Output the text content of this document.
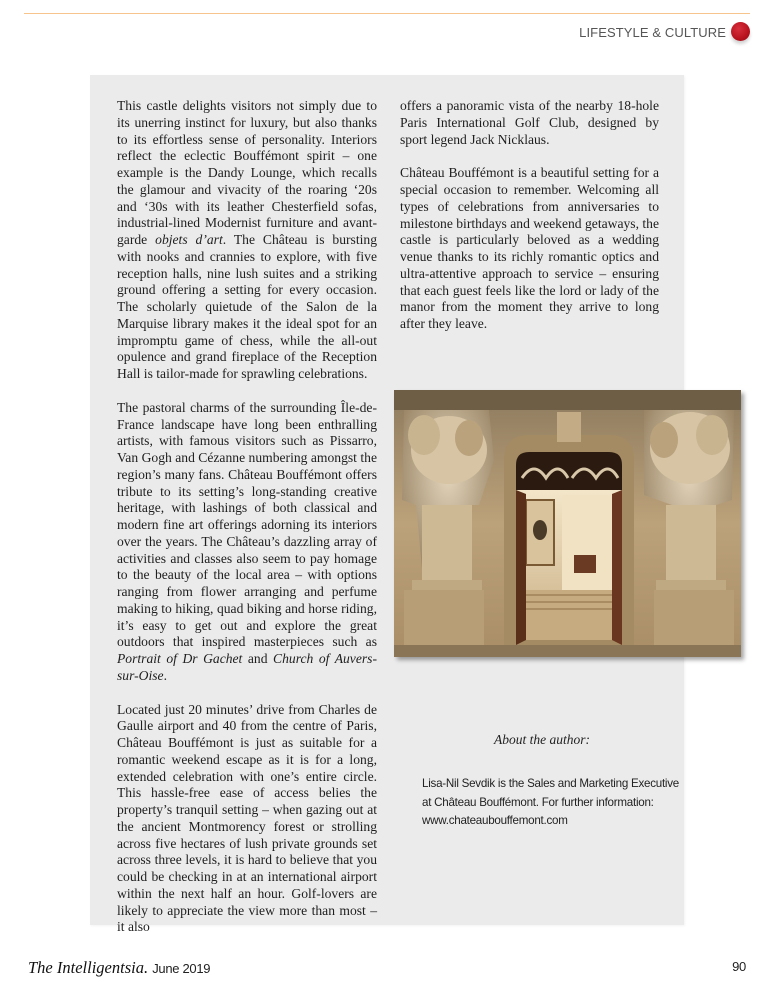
LIFESTYLE & CULTURE

This castle delights visitors not simply due to its unerring instinct for luxury, but also thanks to its effortless sense of personality. Interiors reflect the eclectic Bouffémont spirit – one example is the Dandy Lounge, which recalls the glamour and vivacity of the roaring ‘20s and ‘30s with its leather Chesterfield sofas, industrial-lined Modernist furniture and avant-garde objets d’art. The Château is bursting with nooks and crannies to explore, with five reception halls, nine lush suites and a striking ground offering a setting for every occasion. The scholarly quietude of the Salon de la Marquise library makes it the ideal spot for an impromptu game of chess, while the all-out opulence and grand fireplace of the Reception Hall is tailor-made for sprawling celebrations.

The pastoral charms of the surrounding Île-de-France landscape have long been enthralling artists, with famous visitors such as Pissarro, Van Gogh and Cézanne numbering amongst the region’s many fans. Château Bouffémont offers tribute to its setting’s long-standing creative heritage, with lashings of both classical and modern fine art offerings adorning its interiors over the years. The Château’s dazzling array of activities and classes also seem to pay homage to the beauty of the local area – with options ranging from flower arranging and perfume making to hiking, quad biking and horse riding, it’s easy to get out and explore the great outdoors that inspired masterpieces such as Portrait of Dr Gachet and Church of Auvers-sur-Oise.

Located just 20 minutes’ drive from Charles de Gaulle airport and 40 from the centre of Paris, Château Bouffémont is just as suitable for a romantic weekend escape as it is for a long, extended celebration with one’s entire circle. This hassle-free ease of access belies the property’s tranquil setting – when gazing out at the ancient Montmorency forest or strolling across five hectares of lush private grounds set across three levels, it is hard to believe that you could be checking in at an international airport within the next half an hour. Golf-lovers are likely to appreciate the view more than most – it also

offers a panoramic vista of the nearby 18-hole Paris International Golf Club, designed by sport legend Jack Nicklaus.

Château Bouffémont is a beautiful setting for a special occasion to remember. Welcoming all types of celebrations from anniversaries to milestone birthdays and weekend getaways, the castle is particularly beloved as a wedding venue thanks to its richly romantic optics and ultra-attentive approach to service – ensuring that each guest feels like the lord or lady of the manor from the moment they arrive to long after they leave.

About the author:
Lisa-Nil Sevdik is the Sales and Marketing Executive
at Château Bouffémont. For further information:
www.chateaubouffemont.com
The Intelligentsia. June 2019	90
